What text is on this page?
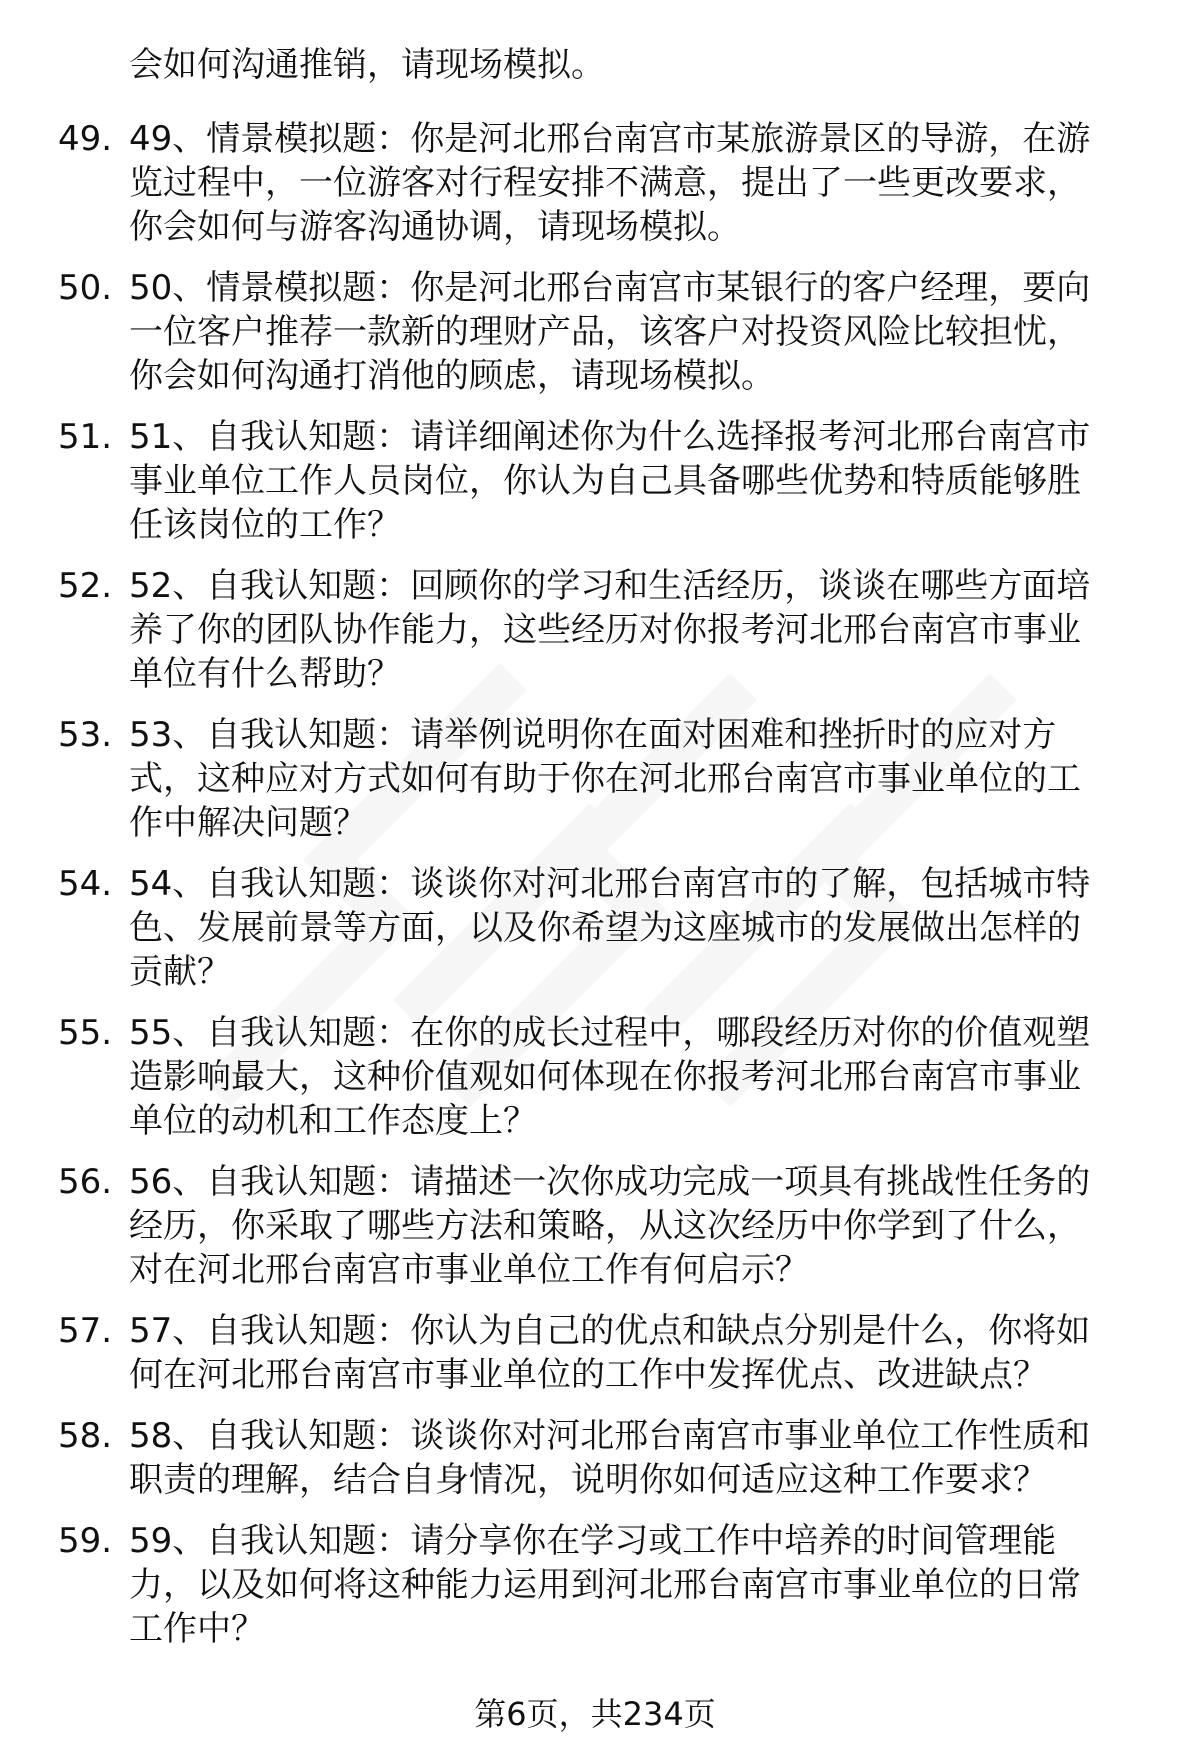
会如何沟通推销，请现场模拟。
49. 49、情景模拟题：你是河北邢台南宫市某旅游景区的导游，在游
览过程中，一位游客对行程安排不满意，提出了一些更改要求，
你会如何与游客沟通协调，请现场模拟。
50. 50、情景模拟题：你是河北邢台南宫市某银行的客户经理，要向
一位客户推荐一款新的理财产品，该客户对投资风险比较担忧，
你会如何沟通打消他的顾虑，请现场模拟。
51. 51、自我认知题：请详细阐述你为什么选择报考河北邢台南宫市
事业单位工作人员岗位，你认为自己具备哪些优势和特质能够胜
任该岗位的工作？
52. 52、自我认知题：回顾你的学习和生活经历，谈谈在哪些方面培
养了你的团队协作能力，这些经历对你报考河北邢台南宫市事业
单位有什么帮助？
53. 53、自我认知题：请举例说明你在面对困难和挫折时的应对方
式，这种应对方式如何有助于你在河北邢台南宫市事业单位的工
作中解决问题？
54. 54、自我认知题：谈谈你对河北邢台南宫市的了解，包括城市特
色、发展前景等方面，以及你希望为这座城市的发展做出怎样的
贡献？
55. 55、自我认知题：在你的成长过程中，哪段经历对你的价值观塑
造影响最大，这种价值观如何体现在你报考河北邢台南宫市事业
单位的动机和工作态度上？
56. 56、自我认知题：请描述一次你成功完成一项具有挑战性任务的
经历，你采取了哪些方法和策略，从这次经历中你学到了什么，
对在河北邢台南宫市事业单位工作有何启示？
57. 57、自我认知题：你认为自己的优点和缺点分别是什么，你将如
何在河北邢台南宫市事业单位的工作中发挥优点、改进缺点？
58. 58、自我认知题：谈谈你对河北邢台南宫市事业单位工作性质和
职责的理解，结合自身情况，说明你如何适应这种工作要求？
59. 59、自我认知题：请分享你在学习或工作中培养的时间管理能
力，以及如何将这种能力运用到河北邢台南宫市事业单位的日常
工作中？
第6页，共234页
